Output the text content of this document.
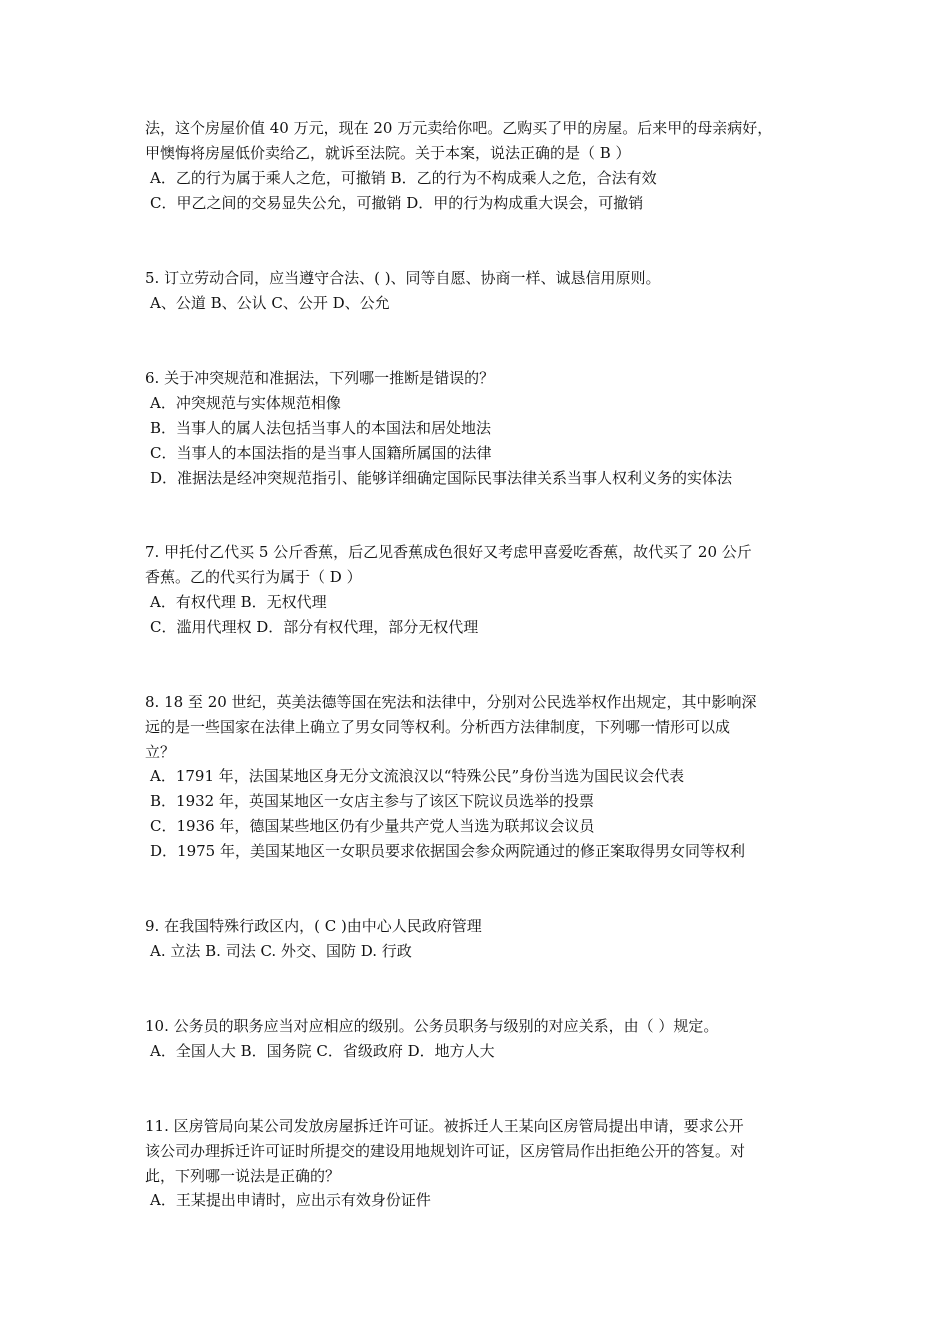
法，这个房屋价值 40 万元，现在 20 万元卖给你吧。乙购买了甲的房屋。后来甲的母亲病好，
甲懊悔将房屋低价卖给乙，就诉至法院。关于本案，说法正确的是（ B ）
A．乙的行为属于乘人之危，可撤销 B．乙的行为不构成乘人之危，合法有效
C．甲乙之间的交易显失公允，可撤销 D．甲的行为构成重大误会，可撤销
5. 订立劳动合同，应当遵守合法、( )、同等自愿、协商一样、诚恳信用原则。
A、公道 B、公认 C、公开 D、公允
6. 关于冲突规范和准据法，下列哪一推断是错误的？
A．冲突规范与实体规范相像
B．当事人的属人法包括当事人的本国法和居处地法
C．当事人的本国法指的是当事人国籍所属国的法律
D．准据法是经冲突规范指引、能够详细确定国际民事法律关系当事人权利义务的实体法
7. 甲托付乙代买 5 公斤香蕉，后乙见香蕉成色很好又考虑甲喜爱吃香蕉，故代买了 20 公斤
香蕉。乙的代买行为属于（ D ）
A．有权代理 B．无权代理
C．滥用代理权 D．部分有权代理，部分无权代理
8. 18 至 20 世纪，英美法德等国在宪法和法律中，分别对公民选举权作出规定，其中影响深
远的是一些国家在法律上确立了男女同等权利。分析西方法律制度，下列哪一情形可以成
立？
A．1791 年，法国某地区身无分文流浪汉以“特殊公民”身份当选为国民议会代表
B．1932 年，英国某地区一女店主参与了该区下院议员选举的投票
C．1936 年，德国某些地区仍有少量共产党人当选为联邦议会议员
D．1975 年，美国某地区一女职员要求依据国会参众两院通过的修正案取得男女同等权利
9. 在我国特殊行政区内，( C )由中心人民政府管理
A. 立法 B. 司法 C. 外交、国防 D. 行政
10. 公务员的职务应当对应相应的级别。公务员职务与级别的对应关系，由（ ）规定。
A．全国人大 B．国务院 C．省级政府 D．地方人大
11. 区房管局向某公司发放房屋拆迁许可证。被拆迁人王某向区房管局提出申请，要求公开
该公司办理拆迁许可证时所提交的建设用地规划许可证，区房管局作出拒绝公开的答复。对
此，下列哪一说法是正确的？
A．王某提出申请时，应出示有效身份证件
